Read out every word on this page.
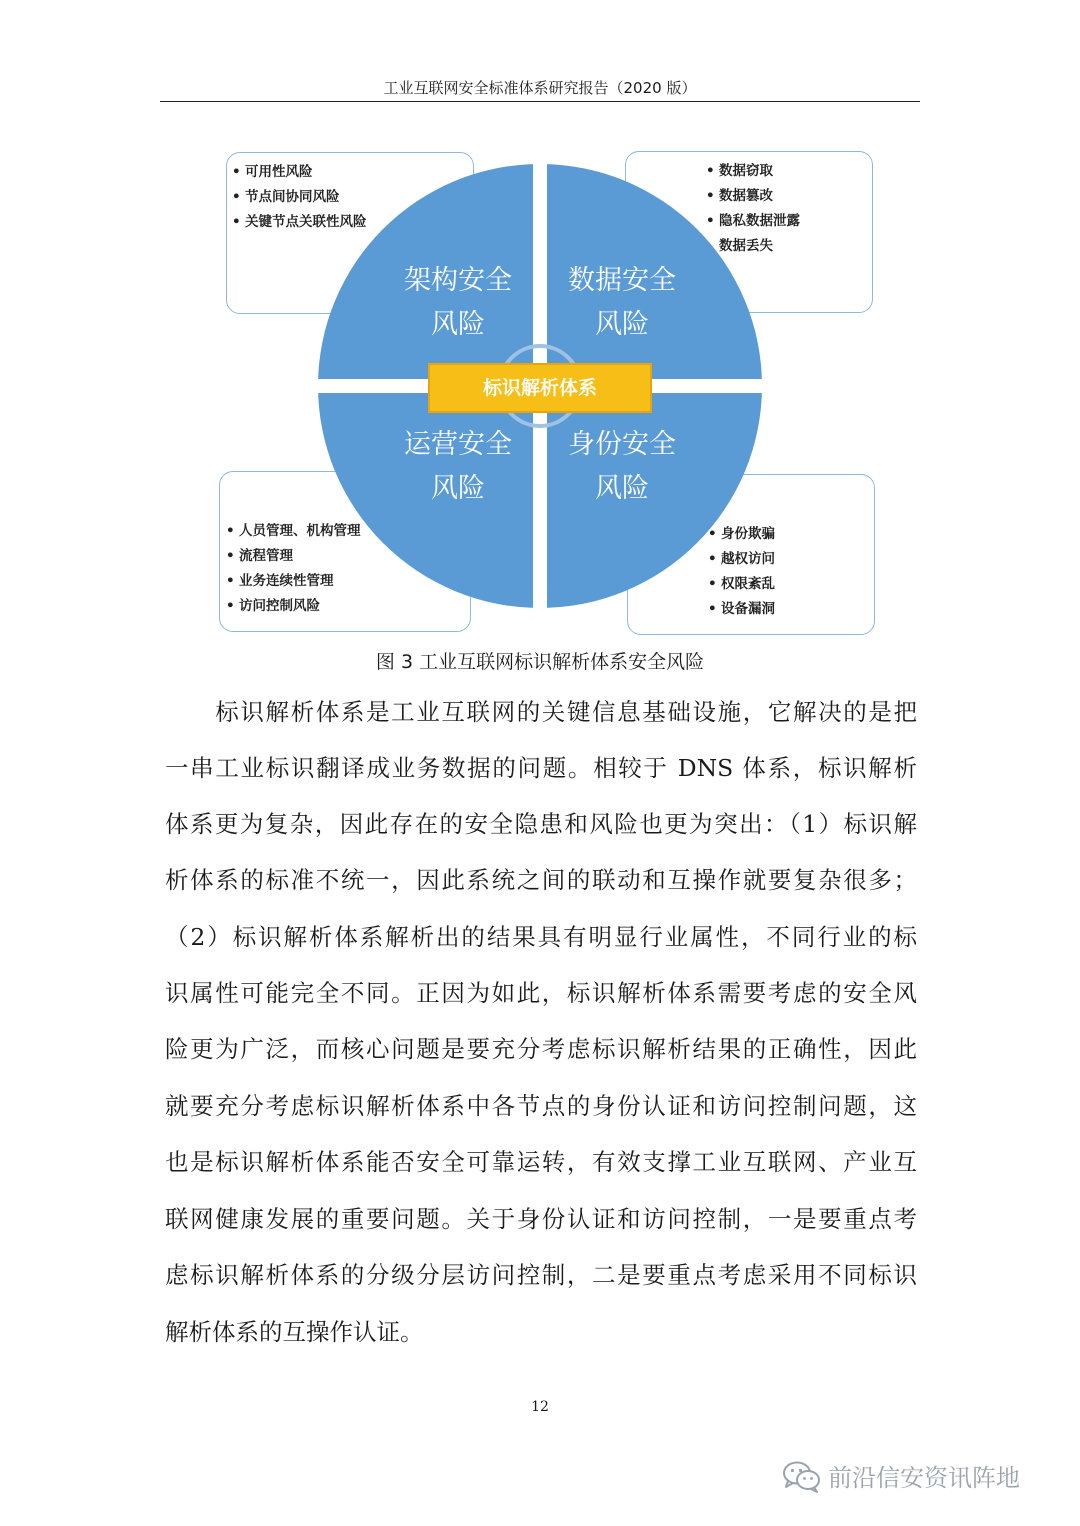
工业互联网安全标准体系研究报告（2020 版）
• 可用性风险
• 节点间协同风险
• 关键节点关联性风险
• 数据窃取
• 数据篡改
• 隐私数据泄露
数据丢失
• 人员管理、机构管理
• 流程管理
• 业务连续性管理
• 访问控制风险
• 身份欺骗
• 越权访问
• 权限紊乱
• 设备漏洞
架构安全
风险
数据安全
风险
运营安全
风险
身份安全
风险
标识解析体系
图 3 工业互联网标识解析体系安全风险
　　标识解析体系是工业互联网的关键信息基础设施，它解决的是把
一串工业标识翻译成业务数据的问题。相较于 DNS 体系，标识解析
体系更为复杂，因此存在的安全隐患和风险也更为突出：（1）标识解
析体系的标准不统一，因此系统之间的联动和互操作就要复杂很多；
（2）标识解析体系解析出的结果具有明显行业属性，不同行业的标
识属性可能完全不同。正因为如此，标识解析体系需要考虑的安全风
险更为广泛，而核心问题是要充分考虑标识解析结果的正确性，因此
就要充分考虑标识解析体系中各节点的身份认证和访问控制问题，这
也是标识解析体系能否安全可靠运转，有效支撑工业互联网、产业互
联网健康发展的重要问题。关于身份认证和访问控制，一是要重点考
虑标识解析体系的分级分层访问控制，二是要重点考虑采用不同标识
解析体系的互操作认证。
12
前沿信安资讯阵地
